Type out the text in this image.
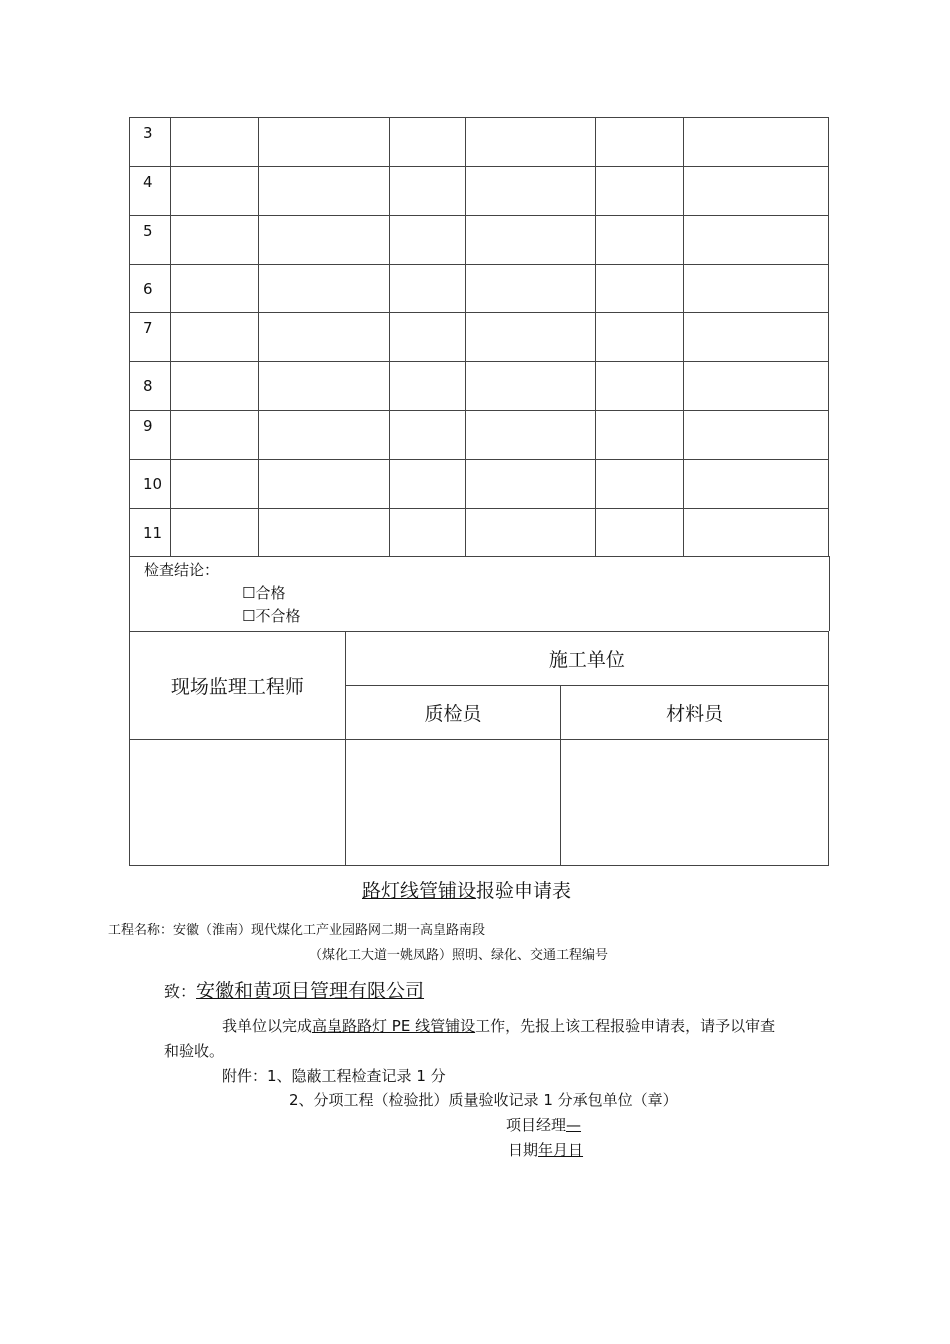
3						
4						
5						
6						
7						
8						
9						
10						
11						
检查结论：
☐合格
☐不合格
现场监理工程师	施工单位	
	质检员	材料员

路灯线管铺设报验申请表
工程名称：安徽（淮南）现代煤化工产业园路网二期一高皇路南段
（煤化工大道一姚凤路）照明、绿化、交通工程编号
致：安徽和黄项目管理有限公司
我单位以完成高皇路路灯 PE 线管铺设工作，先报上该工程报验申请表，请予以审查
和验收。
附件：1、隐蔽工程检查记录 1 分
2、分项工程（检验批）质量验收记录 1 分承包单位（章）
项目经理—
日期年月日
